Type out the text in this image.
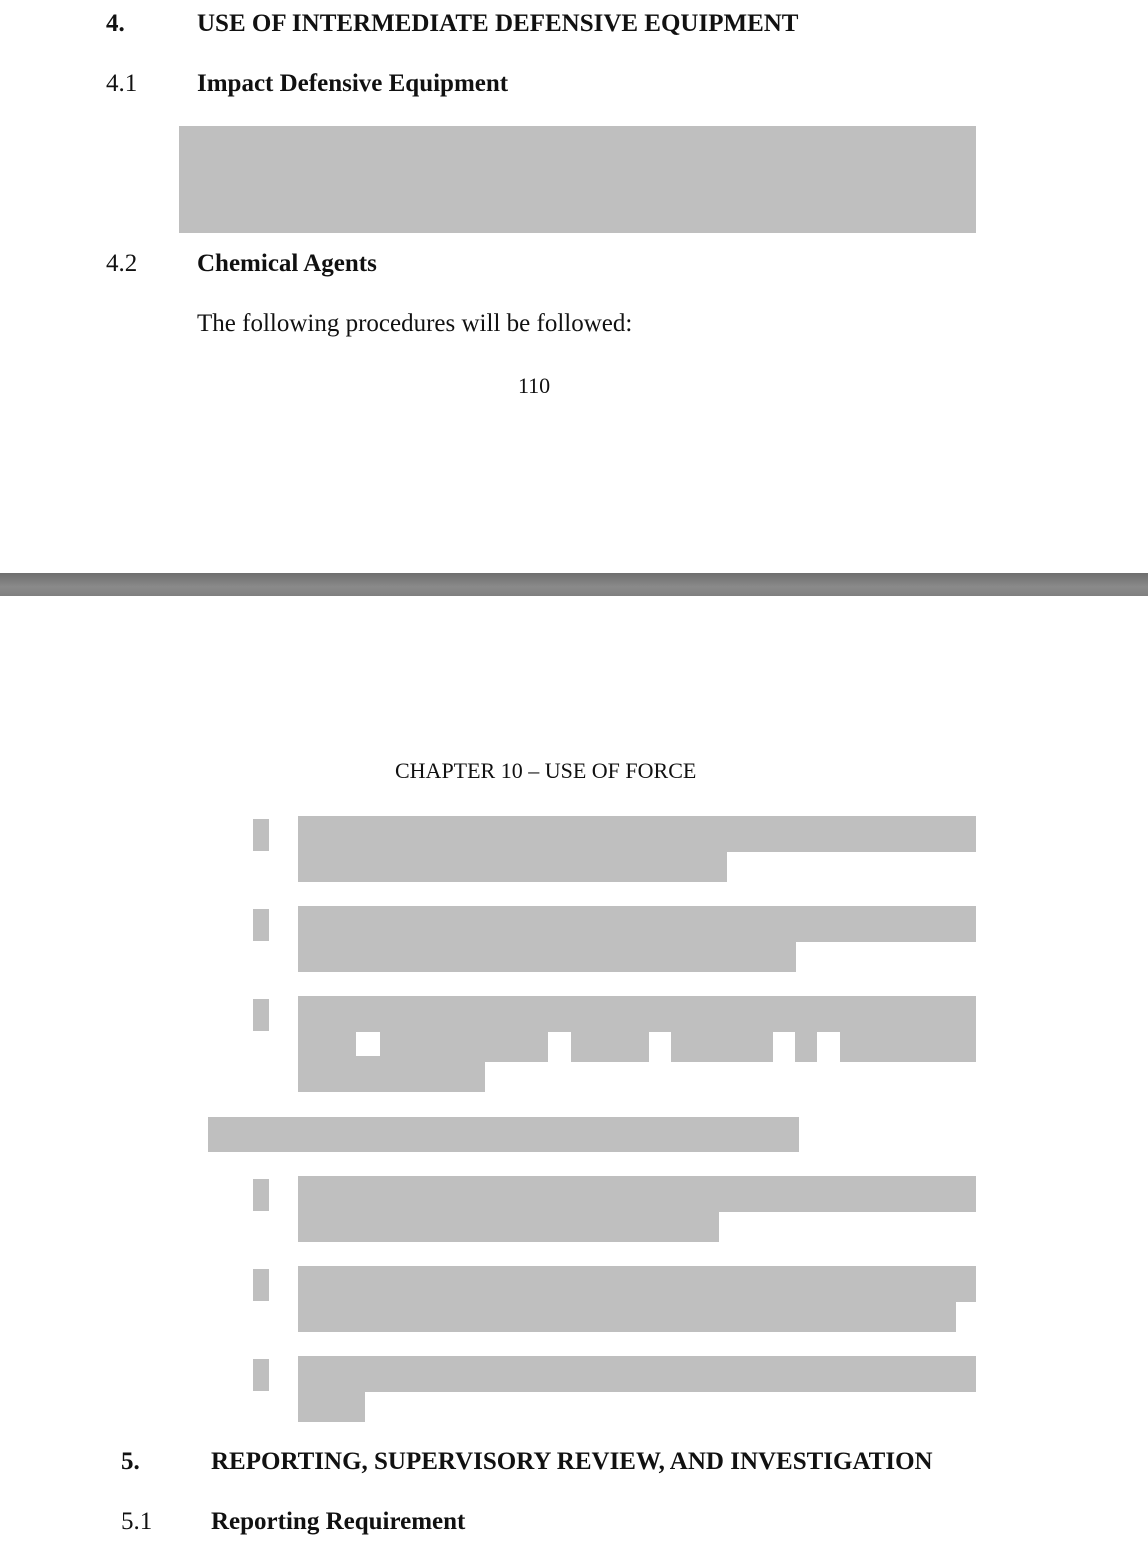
4.	USE OF INTERMEDIATE DEFENSIVE EQUIPMENT
4.1 Impact Defensive Equipment
4.2 Chemical Agents
The following procedures will be followed:
110
CHAPTER 10 – USE OF FORCE
5.	REPORTING, SUPERVISORY REVIEW, AND INVESTIGATION
5.1 Reporting Requirement
